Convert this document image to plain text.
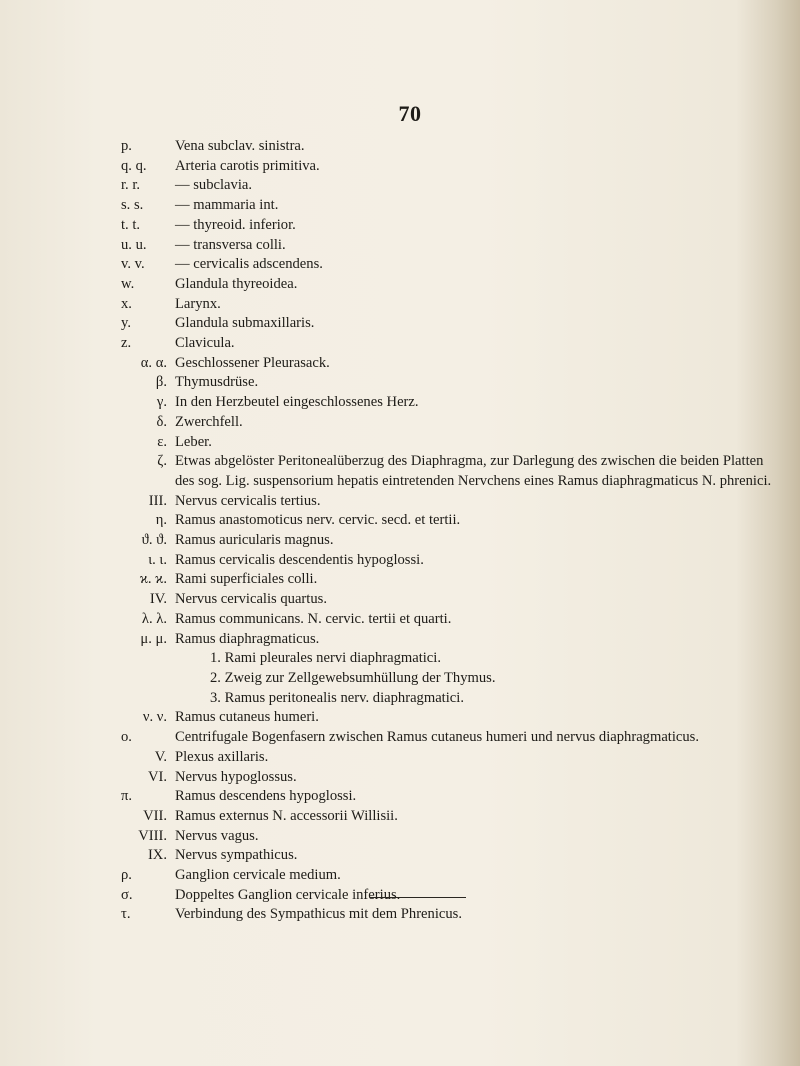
70
p.	Vena subclav. sinistra.
q. q.	Arteria carotis primitiva.
r. r.	— subclavia.
s. s.	— mammaria int.
t. t.	— thyreoid. inferior.
u. u.	— transversa colli.
v. v.	— cervicalis adscendens.
w.	Glandula thyreoidea.
x.	Larynx.
y.	Glandula submaxillaris.
z.	Clavicula.
α. α. Geschlossener Pleurasack.
β. Thymusdrüse.
γ. In den Herzbeutel eingeschlossenes Herz.
δ. Zwerchfell.
ε. Leber.
ζ. Etwas abgelöster Peritonealüberzug des Diaphragma, zur Darlegung des zwischen die beiden Platten des sog. Lig. suspensorium hepatis eintretenden Nervchens eines Ramus diaphragmaticus N. phrenici.
III. Nervus cervicalis tertius.
η. Ramus anastomoticus nerv. cervic. secd. et tertii.
ϑ. ϑ. Ramus auricularis magnus.
ι. ι. Ramus cervicalis descendentis hypoglossi.
ϰ. ϰ. Rami superficiales colli.
IV. Nervus cervicalis quartus.
λ. λ. Ramus communicans. N. cervic. tertii et quarti.
μ. μ. Ramus diaphragmaticus.
1. Rami pleurales nervi diaphragmatici.
2. Zweig zur Zellgewebsumhüllung der Thymus.
3. Ramus peritonealis nerv. diaphragmatici.
ν. ν. Ramus cutaneus humeri.
ο.	Centrifugale Bogenfasern zwischen Ramus cutaneus humeri und nervus diaphragmaticus.
V. Plexus axillaris.
VI. Nervus hypoglossus.
π.	Ramus descendens hypoglossi.
VII. Ramus externus N. accessorii Willisii.
VIII. Nervus vagus.
IX. Nervus sympathicus.
ρ.	Ganglion cervicale medium.
σ.	Doppeltes Ganglion cervicale inferius.
τ.	Verbindung des Sympathicus mit dem Phrenicus.
